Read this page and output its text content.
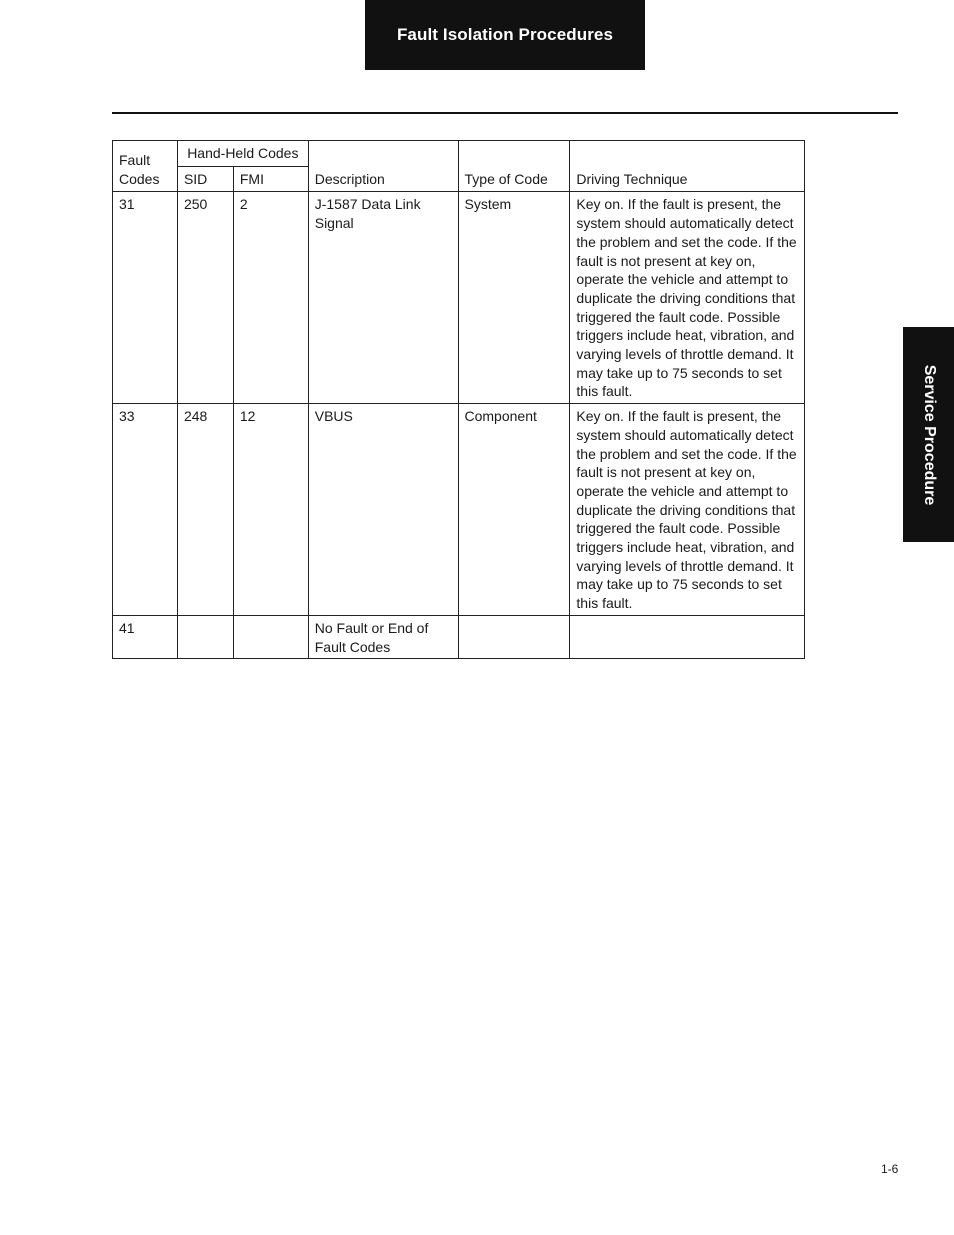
Fault Isolation Procedures
Service Procedure
Fault Codes	Hand-Held Codes		Description	Type of Code	Driving Technique
	SID	FMI			
31	250	2	J-1587 Data Link Signal	System	Key on. If the fault is present, the system should automatically detect the problem and set the code. If the fault is not present at key on, operate the vehicle and attempt to duplicate the driving conditions that triggered the fault code. Possible triggers include heat, vibration, and varying levels of throttle demand. It may take up to 75 seconds to set this fault.
33	248	12	VBUS	Component	Key on. If the fault is present, the system should automatically detect the problem and set the code. If the fault is not present at key on, operate the vehicle and attempt to duplicate the driving conditions that triggered the fault code. Possible triggers include heat, vibration, and varying levels of throttle demand. It may take up to 75 seconds to set this fault.
41			No Fault or End of Fault Codes		
1-6
